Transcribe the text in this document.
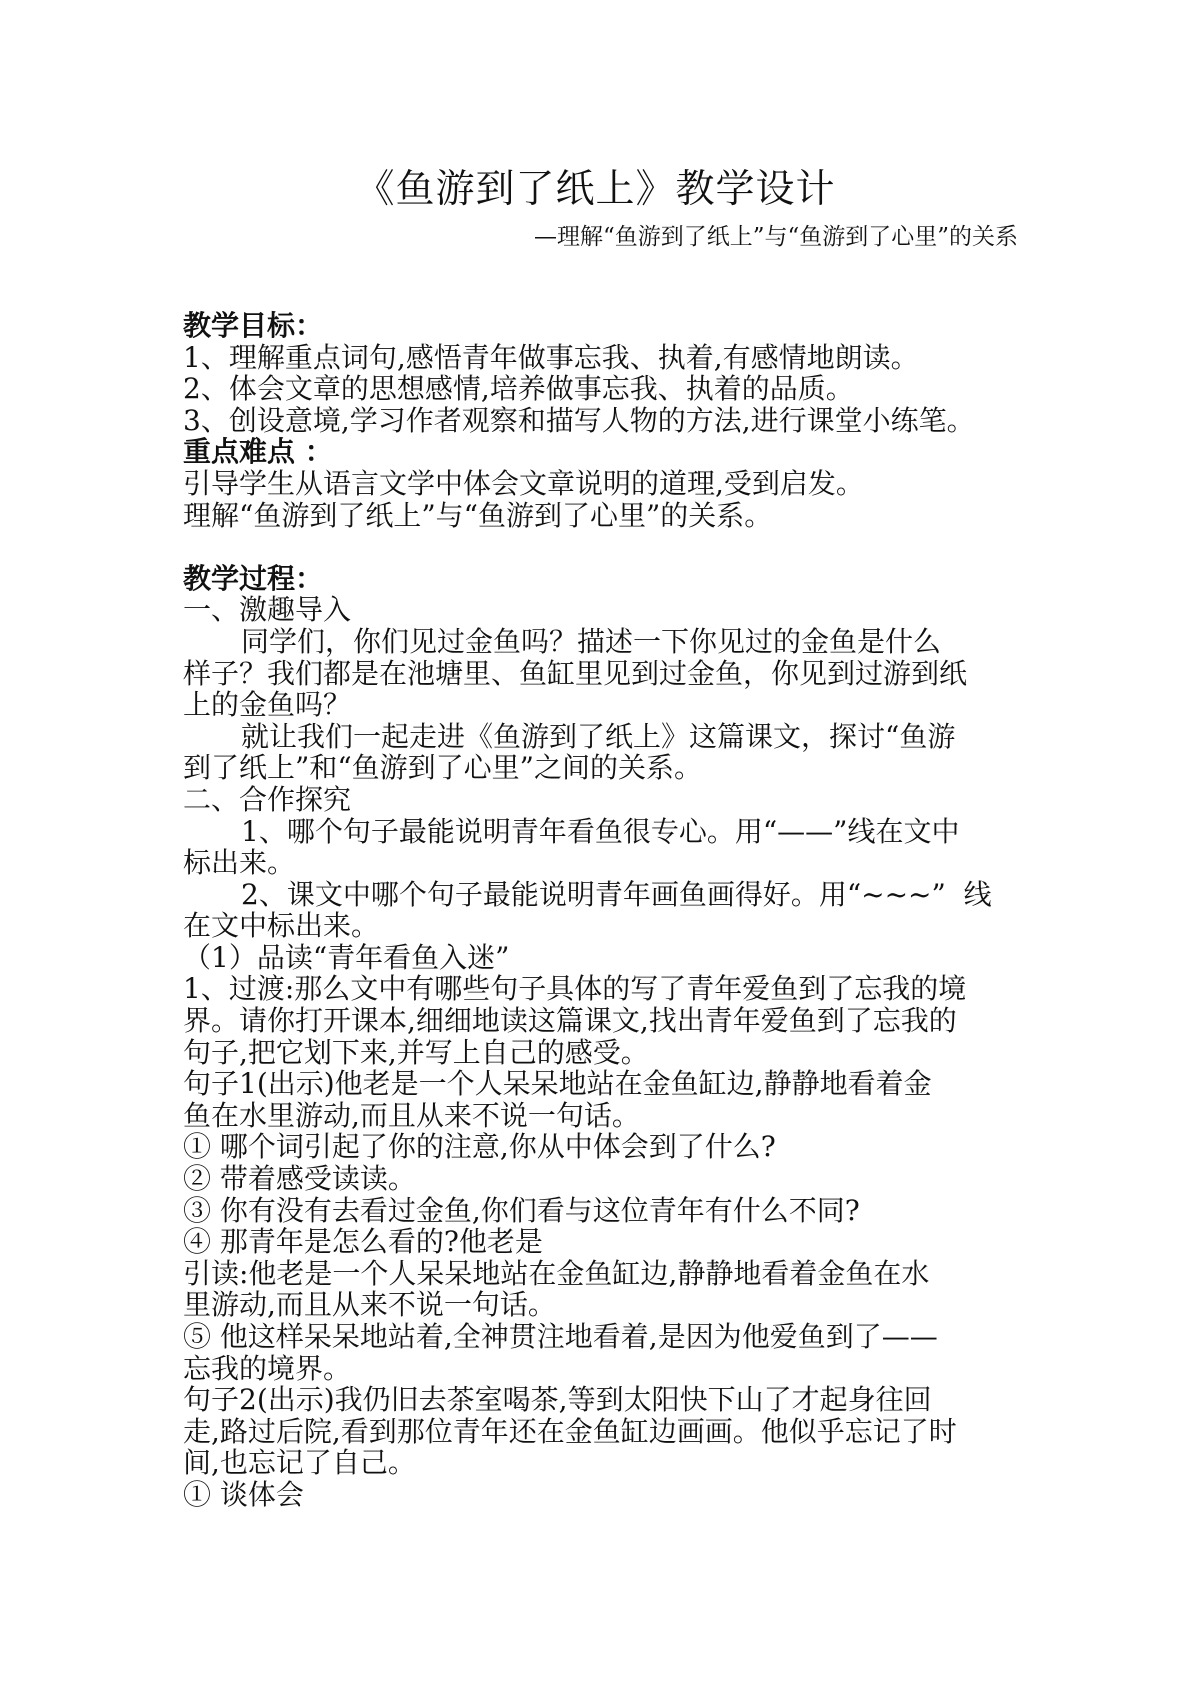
《鱼游到了纸上》教学设计
—理解“鱼游到了纸上”与“鱼游到了心里”的关系

教学目标：

1、理解重点词句,感悟青年做事忘我、执着,有感情地朗读。

2、体会文章的思想感情,培养做事忘我、执着的品质。

3、创设意境,学习作者观察和描写人物的方法,进行课堂小练笔。

重点难点 ：

引导学生从语言文学中体会文章说明的道理,受到启发。

理解“鱼游到了纸上”与“鱼游到了心里”的关系。

教学过程：

一、激趣导入

同学们，你们见过金鱼吗？描述一下你见过的金鱼是什么

样子？我们都是在池塘里、鱼缸里见到过金鱼，你见到过游到纸

上的金鱼吗？

就让我们一起走进《鱼游到了纸上》这篇课文，探讨“鱼游

到了纸上”和“鱼游到了心里”之间的关系。

二、合作探究

1、哪个句子最能说明青年看鱼很专心。用“——”线在文中

标出来。

2、课文中哪个句子最能说明青年画鱼画得好。用“~~~”  线

在文中标出来。

（1）品读“青年看鱼入迷”

1、过渡:那么文中有哪些句子具体的写了青年爱鱼到了忘我的境

界。请你打开课本,细细地读这篇课文,找出青年爱鱼到了忘我的

句子,把它划下来,并写上自己的感受。

句子1(出示)他老是一个人呆呆地站在金鱼缸边,静静地看着金

鱼在水里游动,而且从来不说一句话。

① 哪个词引起了你的注意,你从中体会到了什么?

② 带着感受读读。

③ 你有没有去看过金鱼,你们看与这位青年有什么不同?

④ 那青年是怎么看的?他老是

引读:他老是一个人呆呆地站在金鱼缸边,静静地看着金鱼在水

里游动,而且从来不说一句话。

⑤ 他这样呆呆地站着,全神贯注地看着,是因为他爱鱼到了——

忘我的境界。

句子2(出示)我仍旧去茶室喝茶,等到太阳快下山了才起身往回

走,路过后院,看到那位青年还在金鱼缸边画画。他似乎忘记了时

间,也忘记了自己。

① 谈体会
